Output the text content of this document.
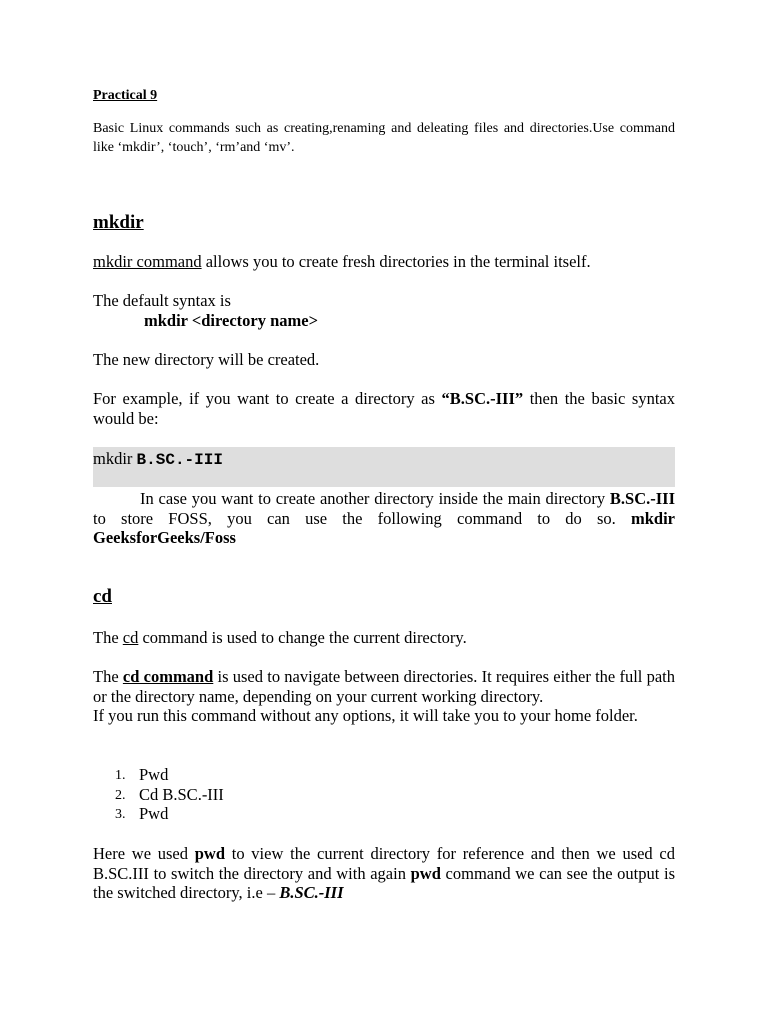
Practical 9
Basic Linux commands such as creating,renaming and deleating files and directories.Use command like ‘mkdir’, ‘touch’, ‘rm’and ‘mv’.
mkdir
mkdir command allows you to create fresh directories in the terminal itself.
The default syntax is
mkdir <directory name>
The new directory will be created.
For example, if you want to create a directory as “B.SC.-III” then the basic syntax would be:
mkdir B.SC.-III
In case you want to create another directory inside the main directory B.SC.-III to store FOSS, you can use the following command to do so. mkdir GeeksforGeeks/Foss
cd
The cd command is used to change the current directory.
The cd command is used to navigate between directories. It requires either the full path or the directory name, depending on your current working directory.
If you run this command without any options, it will take you to your home folder.
1. Pwd
2. Cd B.SC.-III
3. Pwd
Here we used pwd to view the current directory for reference and then we used cd B.SC.III to switch the directory and with again pwd command we can see the output is the switched directory, i.e – B.SC.-III
